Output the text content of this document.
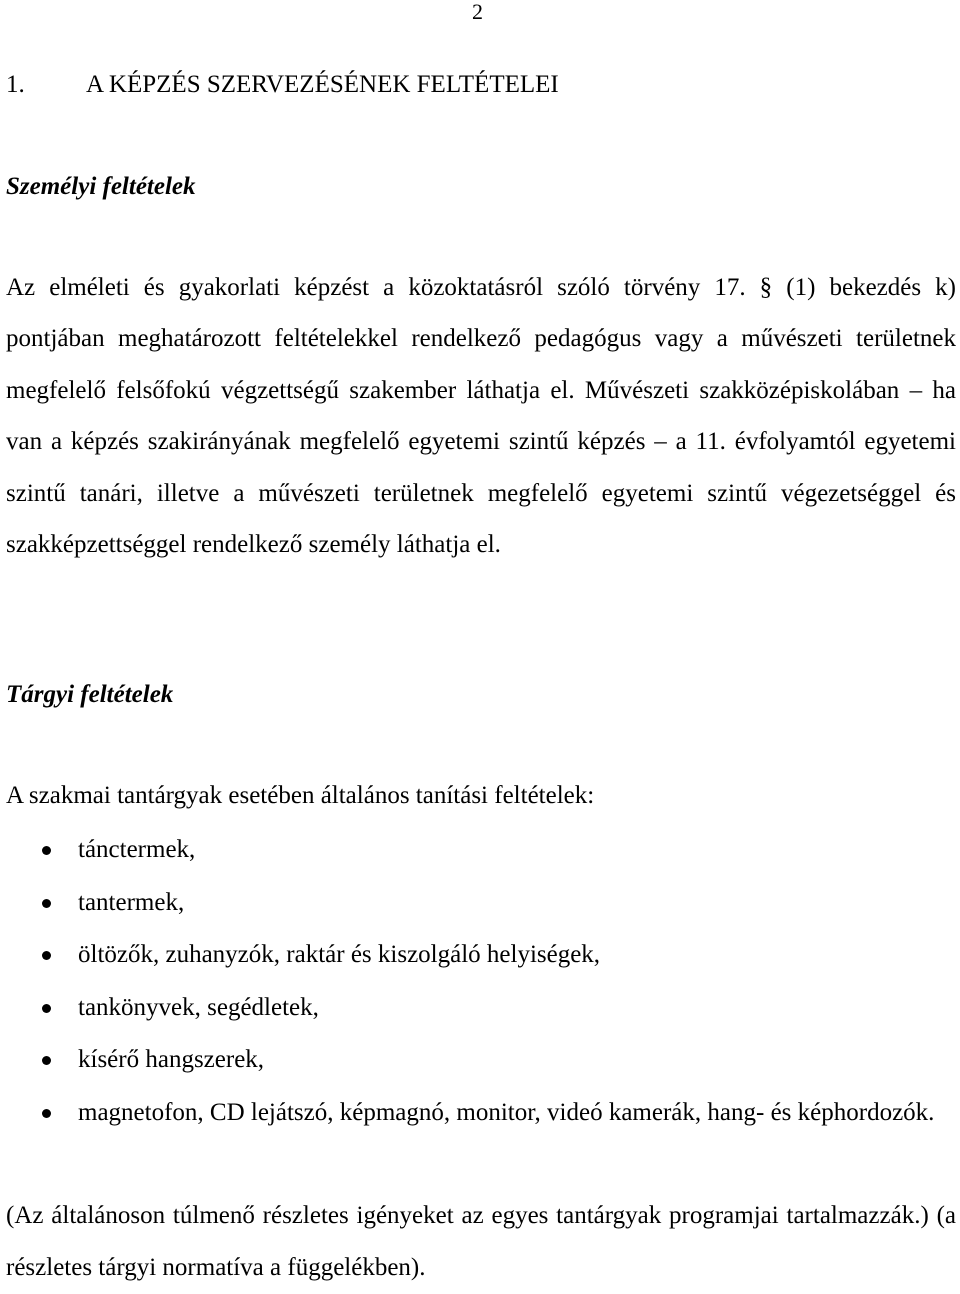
2
1. A KÉPZÉS SZERVEZÉSÉNEK FELTÉTELEI
Személyi feltételek
Az elméleti és gyakorlati képzést a közoktatásról szóló törvény 17. § (1) bekezdés k) pontjában meghatározott feltételekkel rendelkező pedagógus vagy a művészeti területnek megfelelő felsőfokú végzettségű szakember láthatja el. Művészeti szakközépiskolában – ha van a képzés szakirányának megfelelő egyetemi szintű képzés – a 11. évfolyamtól egyetemi szintű tanári, illetve a művészeti területnek megfelelő egyetemi szintű végezetséggel és szakképzettséggel rendelkező személy láthatja el.
Tárgyi feltételek
A szakmai tantárgyak esetében általános tanítási feltételek:
tánctermek,
tantermek,
öltözők, zuhanyzók, raktár és kiszolgáló helyiségek,
tankönyvek, segédletek,
kísérő hangszerek,
magnetofon, CD lejátszó, képmagnó, monitor, videó kamerák, hang- és képhordozók.
(Az általánoson túlmenő részletes igényeket az egyes tantárgyak programjai tartalmazzák.) (a részletes tárgyi normatíva a függelékben).
